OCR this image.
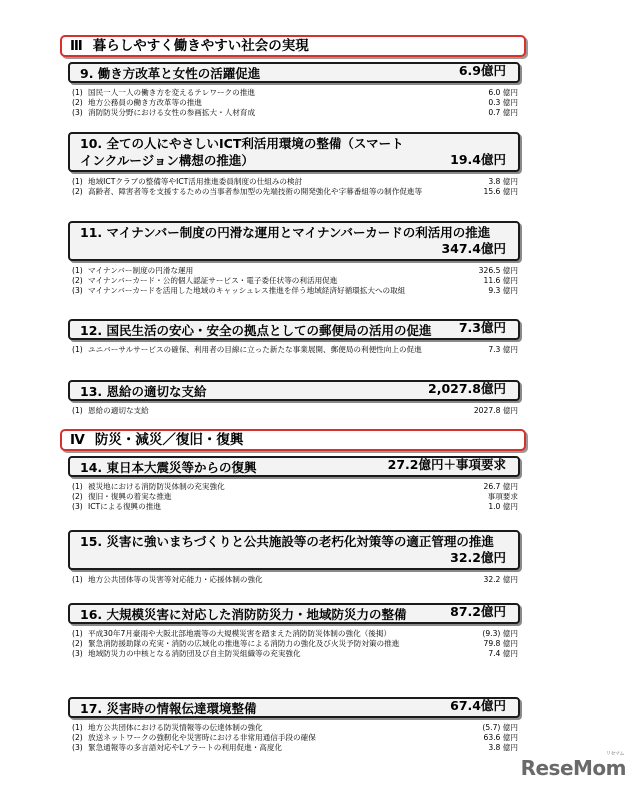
Ⅲ 暮らしやすく働きやすい社会の実現
9. 働き方改革と女性の活躍促進	6.9億円
(1) 国民一人一人の働き方を変えるテレワークの推進	6.0 億円
(2) 地方公務員の働き方改革等の推進	0.3 億円
(3) 消防防災分野における女性の参画拡大・人材育成	0.7 億円
10. 全ての人にやさしいICT利活用環境の整備（スマートインクルージョン構想の推進）	19.4億円
(1) 地域ICTクラブの整備等やICT活用推進委員制度の仕組みの検討	3.8 億円
(2) 高齢者、障害者等を支援するための当事者参加型の先端技術の開発強化や字幕番組等の制作促進等	15.6 億円
11. マイナンバー制度の円滑な運用とマイナンバーカードの利活用の推進
347.4億円
(1) マイナンバー制度の円滑な運用	326.5 億円
(2) マイナンバーカード・公的個人認証サービス・電子委任状等の利活用促進	11.6 億円
(3) マイナンバーカードを活用した地域のキャッシュレス推進を伴う地域経済好循環拡大への取組	9.3 億円
12. 国民生活の安心・安全の拠点としての郵便局の活用の促進 7.3億円
(1) ユニバーサルサービスの確保、利用者の目線に立った新たな事業展開、郵便局の利便性向上の促進	7.3 億円
13. 恩給の適切な支給	2,027.8億円
(1) 恩給の適切な支給	2027.8 億円
Ⅳ 防災・減災／復旧・復興
14. 東日本大震災等からの復興	27.2億円＋事項要求
(1) 被災地における消防防災体制の充実強化	26.7 億円
(2) 復旧・復興の着実な推進	事項要求
(3) ICTによる復興の推進	1.0 億円
15. 災害に強いまちづくりと公共施設等の老朽化対策等の適正管理の推進
32.2億円
(1) 地方公共団体等の災害等対応能力・応援体制の強化	32.2 億円
16. 大規模災害に対応した消防防災力・地域防災力の整備	87.2億円
(1) 平成30年7月豪雨や大阪北部地震等の大規模災害を踏まえた消防防災体制の強化（後掲）	(9.3) 億円
(2) 緊急消防援助隊の充実・消防の広域化の推進等による消防力の強化及び火災予防対策の推進	79.8 億円
(3) 地域防災力の中核となる消防団及び自主防災組織等の充実強化	7.4 億円
17. 災害時の情報伝達環境整備	67.4億円
(1) 地方公共団体における防災情報等の伝達体制の強化	(5.7) 億円
(2) 放送ネットワークの強靭化や災害時における非常用通信手段の確保	63.6 億円
(3) 緊急通報等の多言語対応やLアラートの利用促進・高度化	3.8 億円
リセマム
ReseMom
